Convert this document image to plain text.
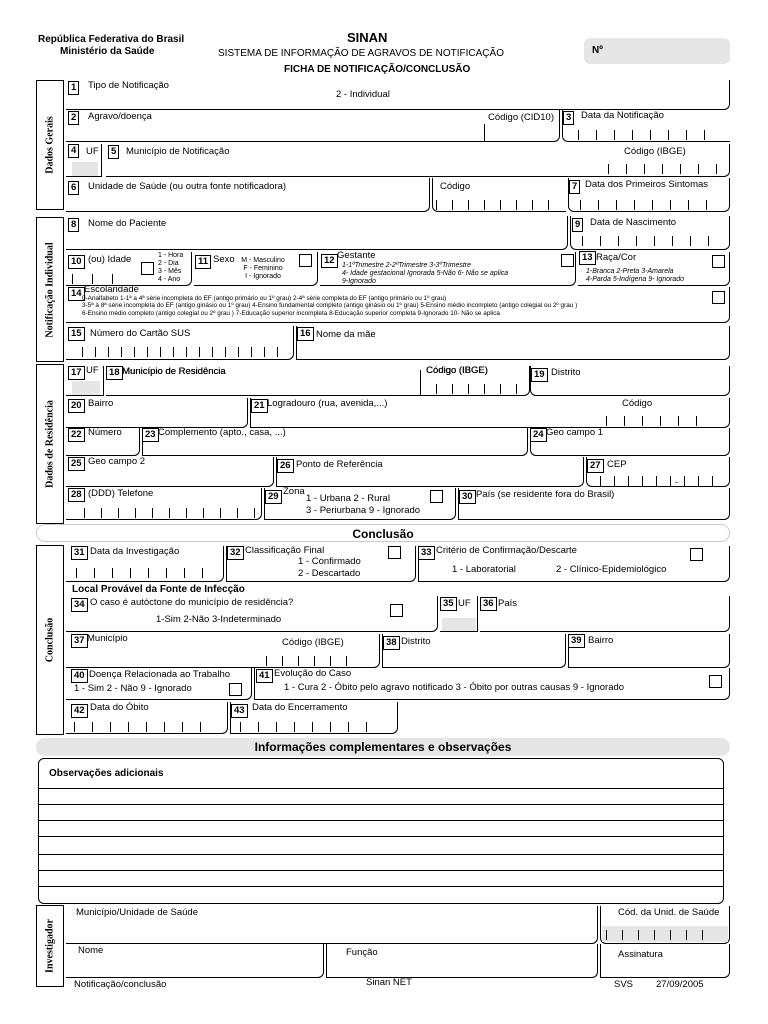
República Federativa do Brasil
Ministério da Saúde
SINAN
SISTEMA DE INFORMAÇÃO DE AGRAVOS DE NOTIFICAÇÃO
FICHA DE NOTIFICAÇÃO/CONCLUSÃO
Nº
Dados Gerais
Notificação Individual
Dados de Residência
Conclusão
Investigador
1	Tipo de Notificação
2 - Individual
2	Agravo/doença	Código (CID10)	3	Data da Notificação
4	UF	5	Município de Notificação	Código (IBGE)
6	Unidade de Saúde (ou outra fonte notificadora)	Código	7 Data dos Primeiros Sintomas
8	Nome do Paciente	9	Data de Nascimento
10 (ou) Idade	1 - Hora
2 - Dia
3 - Mês
4 - Ano
11 Sexo M - Masculino
F - Feminino
I - Ignorado
12 Gestante
1-1ºTrimestre 2-2ºTrimestre 3-3ºTrimestre
4- Idade gestacional Ignorada 5-Não 6- Não se aplica
9-Ignorado
13 Raça/Cor
1-Branca 2-Preta 3-Amarela
4-Parda 5-Indígena 9- Ignorado
14 Escolaridade
0-Analfabeto 1-1ª a 4ª série incompleta do EF (antigo primário ou 1º grau) 2-4ª série completa do EF (antigo primário ou 1º grau)
3-5ª à 8ª série incompleta do EF (antigo ginásio ou 1º grau) 4-Ensino fundamental completo (antigo ginásio ou 1º grau) 5-Ensino médio incompleto (antigo colegial ou 2º grau )
6-Ensino médio completo (antigo colegial ou 2º grau ) 7-Educação superior incompleta 8-Educação superior completa 9-Ignorado 10- Não se aplica
15 Número do Cartão SUS	16 Nome da mãe
17 UF	18 Município de Residência	Código (IBGE)	19 Distrito
20 Bairro	21 Logradouro (rua, avenida,...)	Código
22 Número	23 Complemento (apto., casa, ...)	24 Geo campo 1
25 Geo campo 2	26 Ponto de Referência	27 CEP
-
28 (DDD) Telefone	29 Zona
1 - Urbana 2 - Rural
3 - Periurbana 9 - Ignorado
30 País (se residente fora do Brasil)
Conclusão
31 Data da Investigação	32 Classificação Final
1 - Confirmado
2 - Descartado
33 Critério de Confirmação/Descarte
1 - Laboratorial	2 - Clínico-Epidemiológico
Local Provável da Fonte de Infecção
34 O caso é autóctone do município de residência?
1-Sim 2-Não 3-Indeterminado
35 UF	36 País
37 Município	Código (IBGE)	38 Distrito	39 Bairro
40 Doença Relacionada ao Trabalho
1 - Sim 2 - Não 9 - Ignorado
41 Evolução do Caso
1 - Cura 2 - Óbito pelo agravo notificado 3 - Óbito por outras causas 9 - Ignorado
42 Data do Óbito	43 Data do Encerramento
Informações complementares e observações
Observações adicionais
Município/Unidade de Saúde	Cód. da Unid. de Saúde
Nome	Função	Assinatura
Notificação/conclusão	Sinan NET	SVS 27/09/2005
